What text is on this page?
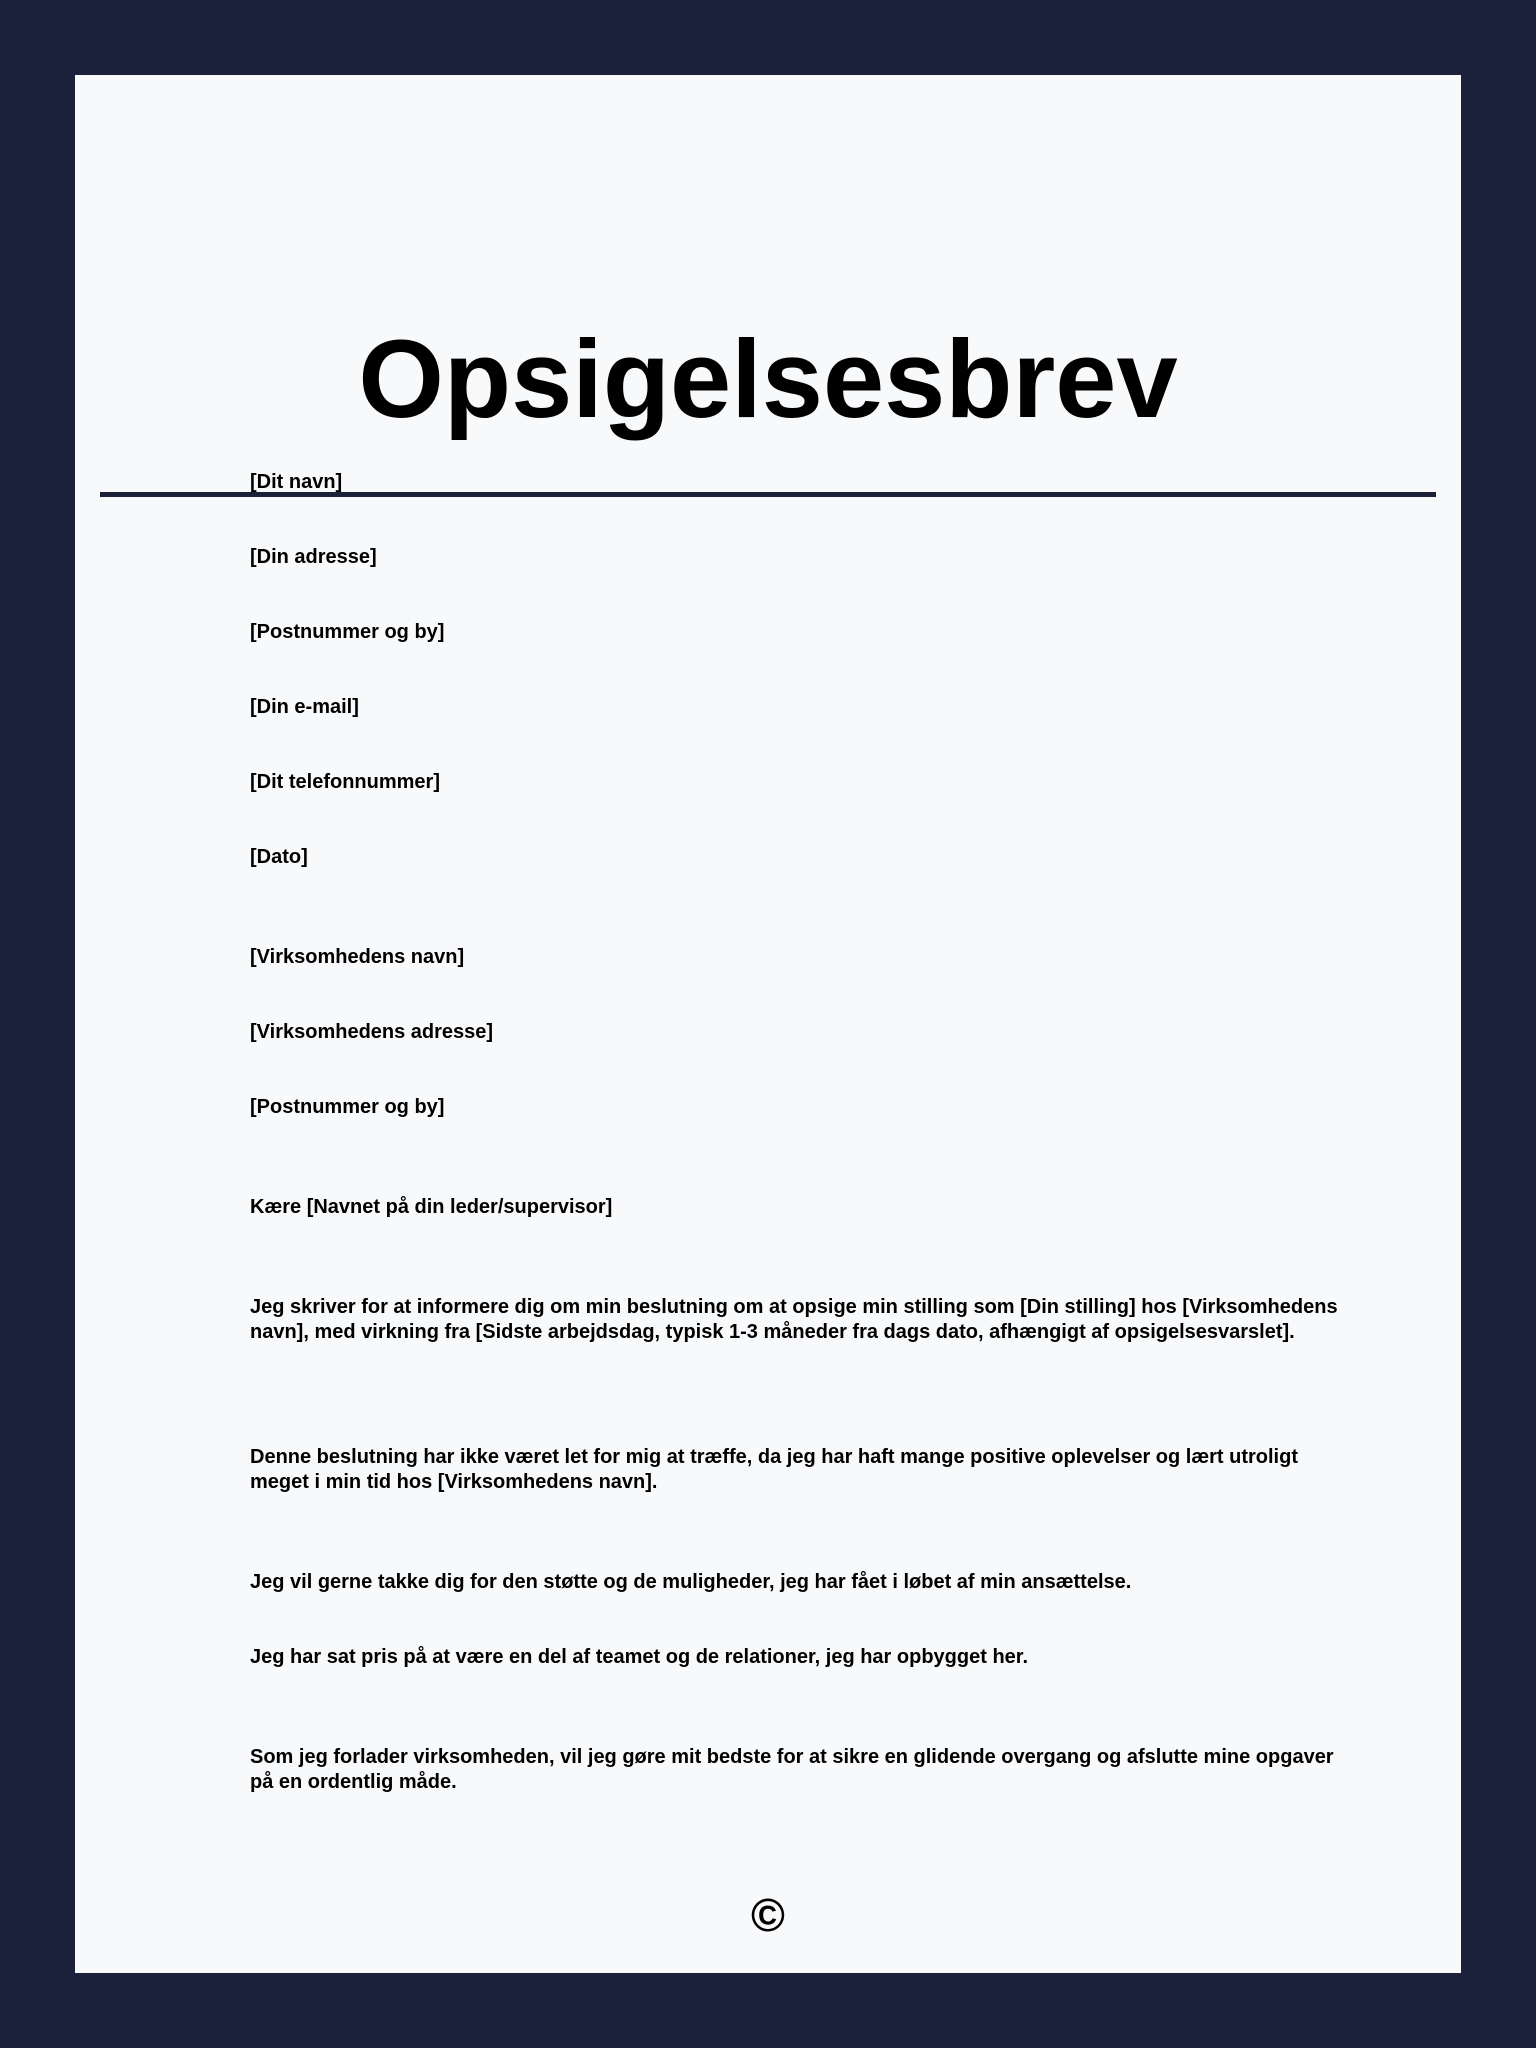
Opsigelsesbrev

[Dit navn]

[Din adresse]

[Postnummer og by]

[Din e-mail]

[Dit telefonnummer]

[Dato]

[Virksomhedens navn]

[Virksomhedens adresse]

[Postnummer og by]

Kære [Navnet på din leder/supervisor]

Jeg skriver for at informere dig om min beslutning om at opsige min stilling som [Din stilling] hos [Virksomhedens navn], med virkning fra [Sidste arbejdsdag, typisk 1-3 måneder fra dags dato, afhængigt af opsigelsesvarslet].

Denne beslutning har ikke været let for mig at træffe, da jeg har haft mange positive oplevelser og lært utroligt meget i min tid hos [Virksomhedens navn].

Jeg vil gerne takke dig for den støtte og de muligheder, jeg har fået i løbet af min ansættelse.

Jeg har sat pris på at være en del af teamet og de relationer, jeg har opbygget her.

Som jeg forlader virksomheden, vil jeg gøre mit bedste for at sikre en glidende overgang og afslutte mine opgaver på en ordentlig måde.

©
